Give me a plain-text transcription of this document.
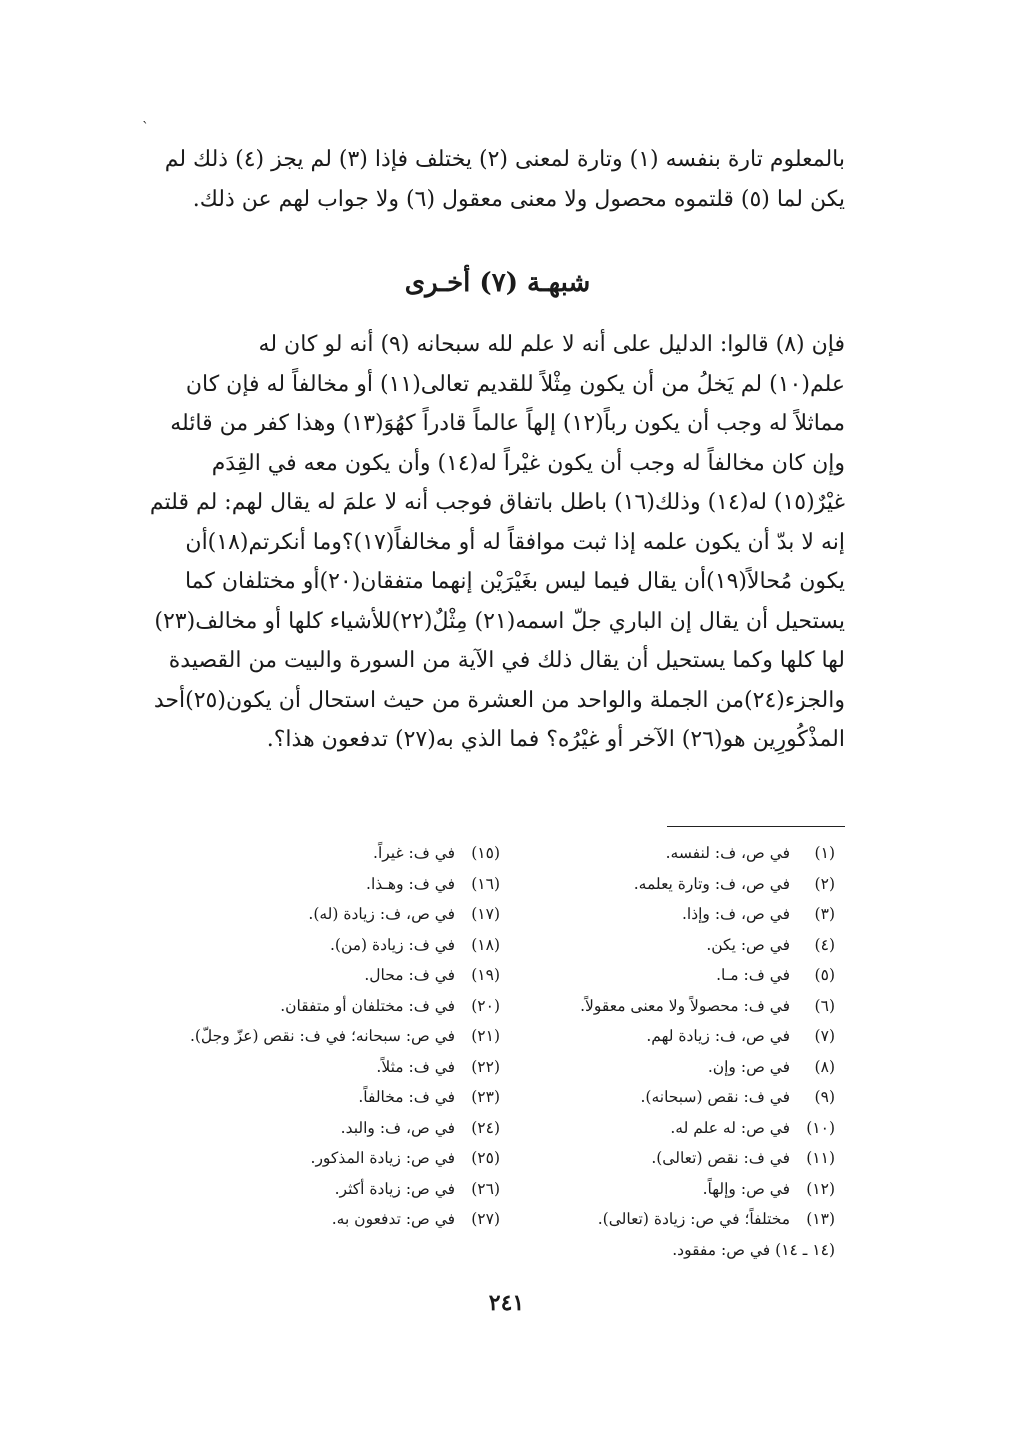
`

بالمعلوم تارة بنفسه (١) وتارة لمعنى (٢) يختلف فإذا (٣) لم يجز (٤) ذلك لم
يكن لما (٥) قلتموه محصول ولا معنى معقول (٦) ولا جواب لهم عن ذلك.

شبهـة (٧) أخـرى

فإن (٨) قالوا: الدليل على أنه لا علم لله سبحانه (٩) أنه لو كان له
علم(١٠) لم يَخلُ من أن يكون مِثْلاً للقديم تعالى(١١) أو مخالفاً له فإن كان
مماثلاً له وجب أن يكون رباً(١٢) إلهاً عالماً قادراً كهُوَ(١٣) وهذا كفر من قائله
وإن كان مخالفاً له وجب أن يكون غيْراً له(١٤) وأن يكون معه في القِدَم
غيْرٌ(١٥) له(١٤) وذلك(١٦) باطل باتفاق فوجب أنه لا علمَ له يقال لهم: لم قلتم
إنه لا بدّ أن يكون علمه إذا ثبت موافقاً له أو مخالفاً(١٧)؟وما أنكرتم(١٨)أن
يكون مُحالاً(١٩)أن يقال فيما ليس بغَيْرَيْن إنهما متفقان(٢٠)أو مختلفان كما
يستحيل أن يقال إن الباري جلّ اسمه(٢١) مِثْلٌ(٢٢)للأشياء كلها أو مخالف(٢٣)
لها كلها وكما يستحيل أن يقال ذلك في الآية من السورة والبيت من القصيدة
والجزء(٢٤)من الجملة والواحد من العشرة من حيث استحال أن يكون(٢٥)أحد
المذْكُورِين هو(٢٦) الآخر أو غيْرُه؟ فما الذي به(٢٧) تدفعون هذا؟.

(١) في ص، ف: لنفسه.
(٢) في ص، ف: وتارة يعلمه.
(٣) في ص، ف: وإذا.
(٤) في ص: يكن.
(٥) في ف: مـا.
(٦) في ف: محصولاً ولا معنى معقولاً.
(٧) في ص، ف: زيادة لهم.
(٨) في ص: وإن.
(٩) في ف: نقص (سبحانه).
(١٠) في ص: له علم له.
(١١) في ف: نقص (تعالى).
(١٢) في ص: وإلهاً.
(١٣) مختلفاً؛ في ص: زيادة (تعالى).
(١٤ ـ ١٤) في ص: مفقود.
(١٥) في ف: غيراً.
(١٦) في ف: وهـذا.
(١٧) في ص، ف: زيادة (له).
(١٨) في ف: زيادة (من).
(١٩) في ف: محال.
(٢٠) في ف: مختلفان أو متفقان.
(٢١) في ص: سبحانه؛ في ف: نقص (عزّ وجلّ).
(٢٢) في ف: مثلاً.
(٢٣) في ف: مخالفاً.
(٢٤) في ص، ف: والبد.
(٢٥) في ص: زيادة المذكور.
(٢٦) في ص: زيادة أكثر.
(٢٧) في ص: تدفعون به.
٢٤١
